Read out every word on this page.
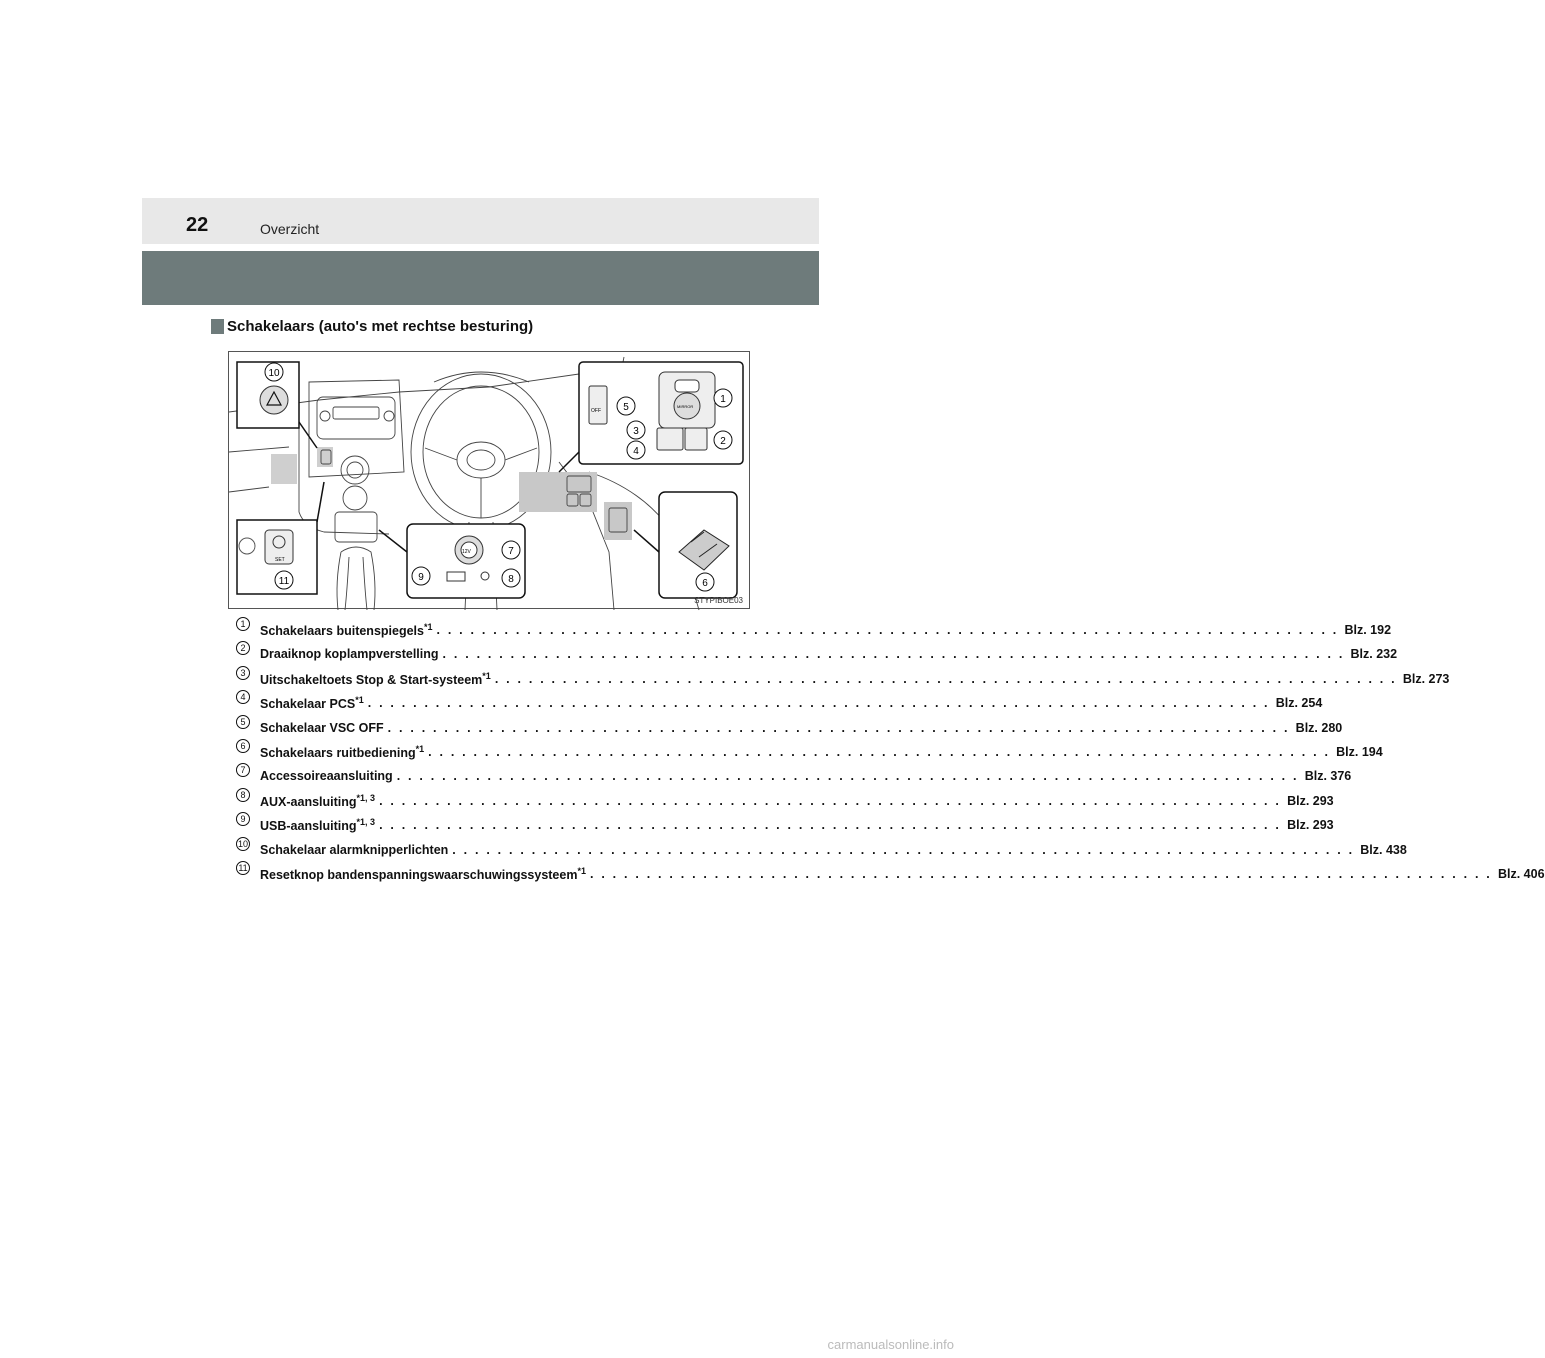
22	Overzicht
Schakelaars (auto's met rechtse besturing)
SET
12V
OFF
MIRROR
10
11
1
2
3
4
5
6
7
8
9
STYPIBOE03
1
Schakelaars buitenspiegels$^{*1}$ . . . . . . . . . . . . . . . . . . . . . . . . . . . . . . . . . . . . . . . . . . . . . . . . . . . . . . . . . . . . . . . . . . . . . . . . . . . . . . . . Blz. 192
2	Draaiknop koplampverstelling . . . . . . . . . . . . . . . . . . . . . . . . . . . . . . . . . . . . . . . . . . . . . . . . . . . . . . . . . . . . . . . . . . . . . . . . . . . . . . . . Blz. 232
3
Uitschakeltoets Stop & Start-systeem$^{*1}$ . . . . . . . . . . . . . . . . . . . . . . . . . . . . . . . . . . . . . . . . . . . . . . . . . . . . . . . . . . . . . . . . . . . . . . . . . . . . . . . . Blz. 273
4
Schakelaar PCS$^{*1}$ . . . . . . . . . . . . . . . . . . . . . . . . . . . . . . . . . . . . . . . . . . . . . . . . . . . . . . . . . . . . . . . . . . . . . . . . . . . . . . . . Blz. 254
5	Schakelaar VSC OFF . . . . . . . . . . . . . . . . . . . . . . . . . . . . . . . . . . . . . . . . . . . . . . . . . . . . . . . . . . . . . . . . . . . . . . . . . . . . . . . . Blz. 280
6
Schakelaars ruitbediening$^{*1}$ . . . . . . . . . . . . . . . . . . . . . . . . . . . . . . . . . . . . . . . . . . . . . . . . . . . . . . . . . . . . . . . . . . . . . . . . . . . . . . . . Blz. 194
7	Accessoireaansluiting . . . . . . . . . . . . . . . . . . . . . . . . . . . . . . . . . . . . . . . . . . . . . . . . . . . . . . . . . . . . . . . . . . . . . . . . . . . . . . . . Blz. 376
8
AUX-aansluiting$^{*1, 3}$ . . . . . . . . . . . . . . . . . . . . . . . . . . . . . . . . . . . . . . . . . . . . . . . . . . . . . . . . . . . . . . . . . . . . . . . . . . . . . . . . Blz. 293
9
USB-aansluiting$^{*1, 3}$ . . . . . . . . . . . . . . . . . . . . . . . . . . . . . . . . . . . . . . . . . . . . . . . . . . . . . . . . . . . . . . . . . . . . . . . . . . . . . . . . Blz. 293
10 Schakelaar alarmknipperlichten . . . . . . . . . . . . . . . . . . . . . . . . . . . . . . . . . . . . . . . . . . . . . . . . . . . . . . . . . . . . . . . . . . . . . . . . . . . . . . . . Blz. 438
11
Resetknop bandenspanningswaarschuwingssysteem$^{*1}$ . . . . . . . . . . . . . . . . . . . . . . . . . . . . . . . . . . . . . . . . . . . . . . . . . . . . . . . . . . . . . . . . . . . . . . . . . . . . . . . . Blz. 406
carmanualsonline.info
